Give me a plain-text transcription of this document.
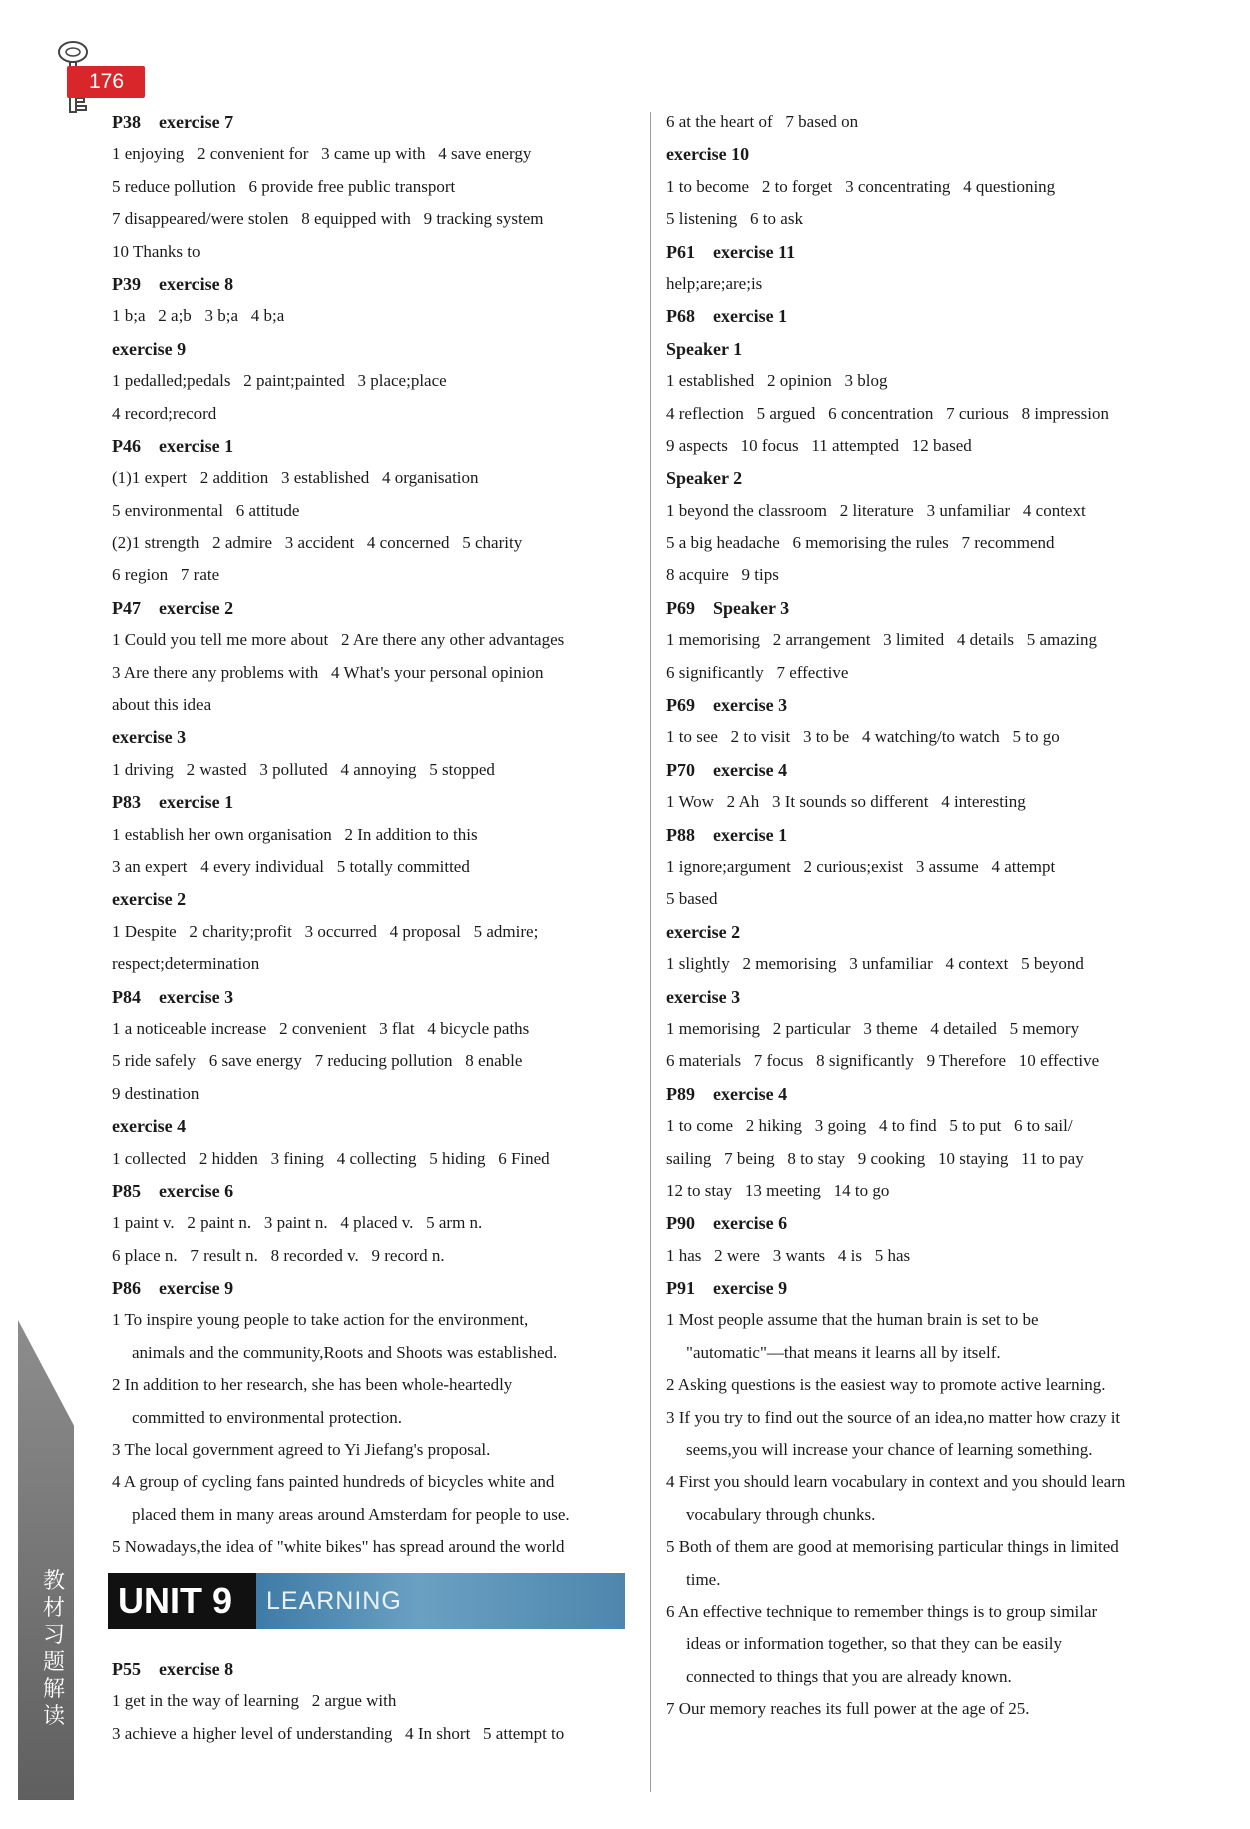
176
教材习题解读
P38 exercise 7
1 enjoying   2 convenient for   3 came up with   4 save energy
5 reduce pollution   6 provide free public transport
7 disappeared/were stolen   8 equipped with   9 tracking system
10 Thanks to
P39 exercise 8
1 b;a   2 a;b   3 b;a   4 b;a
exercise 9
1 pedalled;pedals   2 paint;painted   3 place;place
4 record;record
P46 exercise 1
(1)1 expert   2 addition   3 established   4 organisation
5 environmental   6 attitude
(2)1 strength   2 admire   3 accident   4 concerned   5 charity
6 region   7 rate
P47 exercise 2
1 Could you tell me more about   2 Are there any other advantages
3 Are there any problems with   4 What's your personal opinion
about this idea
exercise 3
1 driving   2 wasted   3 polluted   4 annoying   5 stopped
P83 exercise 1
1 establish her own organisation   2 In addition to this
3 an expert   4 every individual   5 totally committed
exercise 2
1 Despite   2 charity;profit   3 occurred   4 proposal   5 admire;
respect;determination
P84 exercise 3
1 a noticeable increase   2 convenient   3 flat   4 bicycle paths
5 ride safely   6 save energy   7 reducing pollution   8 enable
9 destination
exercise 4
1 collected   2 hidden   3 fining   4 collecting   5 hiding   6 Fined
P85 exercise 6
1 paint v.   2 paint n.   3 paint n.   4 placed v.   5 arm n.
6 place n.   7 result n.   8 recorded v.   9 record n.
P86 exercise 9
1 To inspire young people to take action for the environment,
animals and the community,Roots and Shoots was established.
2 In addition to her research, she has been whole-heartedly
committed to environmental protection.
3 The local government agreed to Yi Jiefang's proposal.
4 A group of cycling fans painted hundreds of bicycles white and
placed them in many areas around Amsterdam for people to use.
5 Nowadays,the idea of "white bikes" has spread around the world
UNIT 9 LEARNING
P55 exercise 8
1 get in the way of learning   2 argue with
3 achieve a higher level of understanding   4 In short   5 attempt to
6 at the heart of   7 based on
exercise 10
1 to become   2 to forget   3 concentrating   4 questioning
5 listening   6 to ask
P61 exercise 11
help;are;are;is
P68 exercise 1
Speaker 1
1 established   2 opinion   3 blog
4 reflection   5 argued   6 concentration   7 curious   8 impression
9 aspects   10 focus   11 attempted   12 based
Speaker 2
1 beyond the classroom   2 literature   3 unfamiliar   4 context
5 a big headache   6 memorising the rules   7 recommend
8 acquire   9 tips
P69 Speaker 3
1 memorising   2 arrangement   3 limited   4 details   5 amazing
6 significantly   7 effective
P69 exercise 3
1 to see   2 to visit   3 to be   4 watching/to watch   5 to go
P70 exercise 4
1 Wow   2 Ah   3 It sounds so different   4 interesting
P88 exercise 1
1 ignore;argument   2 curious;exist   3 assume   4 attempt
5 based
exercise 2
1 slightly   2 memorising   3 unfamiliar   4 context   5 beyond
exercise 3
1 memorising   2 particular   3 theme   4 detailed   5 memory
6 materials   7 focus   8 significantly   9 Therefore   10 effective
P89 exercise 4
1 to come   2 hiking   3 going   4 to find   5 to put   6 to sail/
sailing   7 being   8 to stay   9 cooking   10 staying   11 to pay
12 to stay   13 meeting   14 to go
P90 exercise 6
1 has   2 were   3 wants   4 is   5 has
P91 exercise 9
1 Most people assume that the human brain is set to be
"automatic"—that means it learns all by itself.
2 Asking questions is the easiest way to promote active learning.
3 If you try to find out the source of an idea,no matter how crazy it
seems,you will increase your chance of learning something.
4 First you should learn vocabulary in context and you should learn
vocabulary through chunks.
5 Both of them are good at memorising particular things in limited
time.
6 An effective technique to remember things is to group similar
ideas or information together, so that they can be easily
connected to things that you are already known.
7 Our memory reaches its full power at the age of 25.
